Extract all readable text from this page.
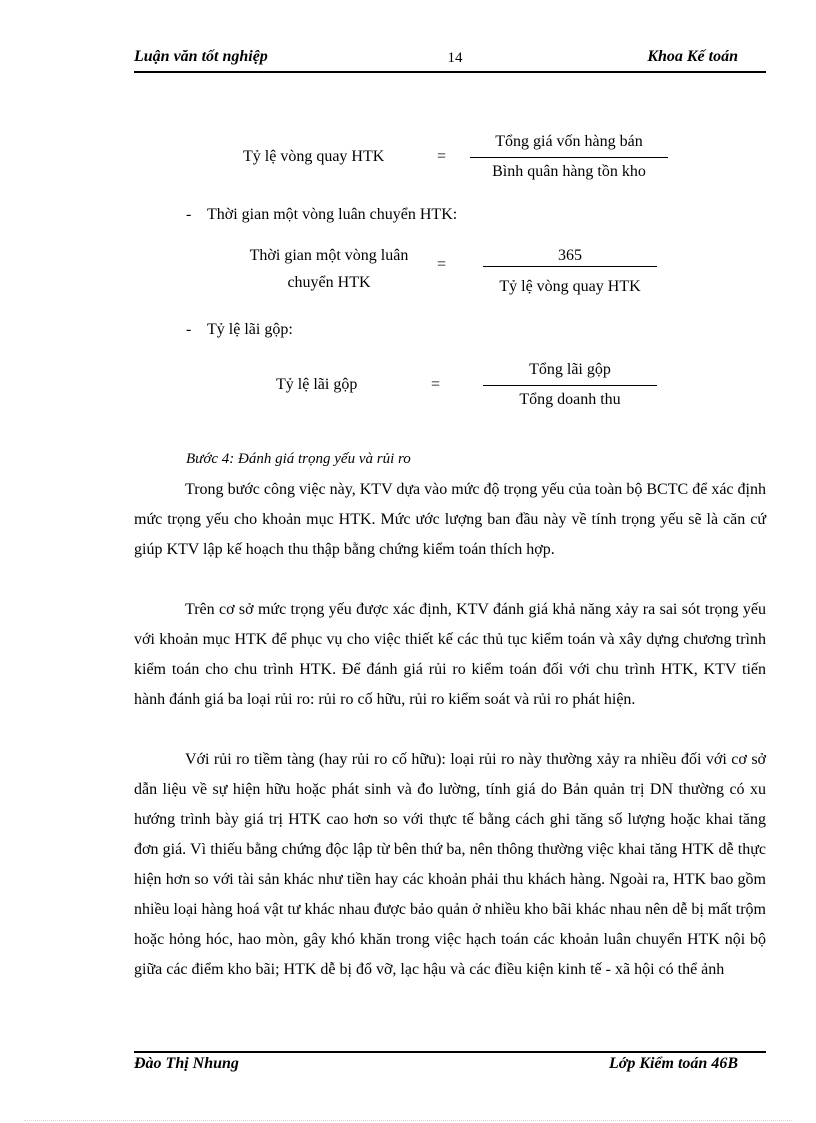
Luận văn tốt nghiệp	14	Khoa Kế toán
Tỷ lệ vòng quay HTK	=
Tổng giá vốn hàng bán
Bình quân hàng tồn kho
- Thời gian một vòng luân chuyển HTK:
Thời gian một vòng luân
chuyển HTK
=
365
Tỷ lệ vòng quay HTK
- Tỷ lệ lãi gộp:
Tỷ lệ lãi gộp	=
Tổng lãi gộp
Tổng doanh thu
Bước 4: Đánh giá trọng yếu và rủi ro
Trong bước công việc này, KTV dựa vào mức độ trọng yếu của toàn bộ BCTC để xác định mức trọng yếu cho khoản mục HTK. Mức ước lượng ban đầu này về tính trọng yếu sẽ là căn cứ giúp KTV lập kế hoạch thu thập bằng chứng kiểm toán thích hợp.
Trên cơ sở mức trọng yếu được xác định, KTV đánh giá khả năng xảy ra sai sót trọng yếu với khoản mục HTK để phục vụ cho việc thiết kế các thủ tục kiểm toán và xây dựng chương trình kiểm toán cho chu trình HTK. Để đánh giá rủi ro kiểm toán đối với chu trình HTK, KTV tiến hành đánh giá ba loại rủi ro: rủi ro cố hữu, rủi ro kiểm soát và rủi ro phát hiện.
Với rủi ro tiềm tàng (hay rủi ro cố hữu): loại rủi ro này thường xảy ra nhiều đối với cơ sở dẫn liệu về sự hiện hữu hoặc phát sinh và đo lường, tính giá do Bản quản trị DN thường có xu hướng trình bày giá trị HTK cao hơn so với thực tế bằng cách ghi tăng số lượng hoặc khai tăng đơn giá. Vì thiếu bằng chứng độc lập từ bên thứ ba, nên thông thường việc khai tăng HTK dễ thực hiện hơn so với tài sản khác như tiền hay các khoản phải thu khách hàng. Ngoài ra, HTK bao gồm nhiều loại hàng hoá vật tư khác nhau được bảo quản ở nhiều kho bãi khác nhau nên dễ bị mất trộm hoặc hỏng hóc, hao mòn, gây khó khăn trong việc hạch toán các khoản luân chuyển HTK nội bộ giữa các điểm kho bãi; HTK dễ bị đổ vỡ, lạc hậu và các điều kiện kinh tế - xã hội có thể ảnh
Đào Thị Nhung	Lớp Kiểm toán 46B
